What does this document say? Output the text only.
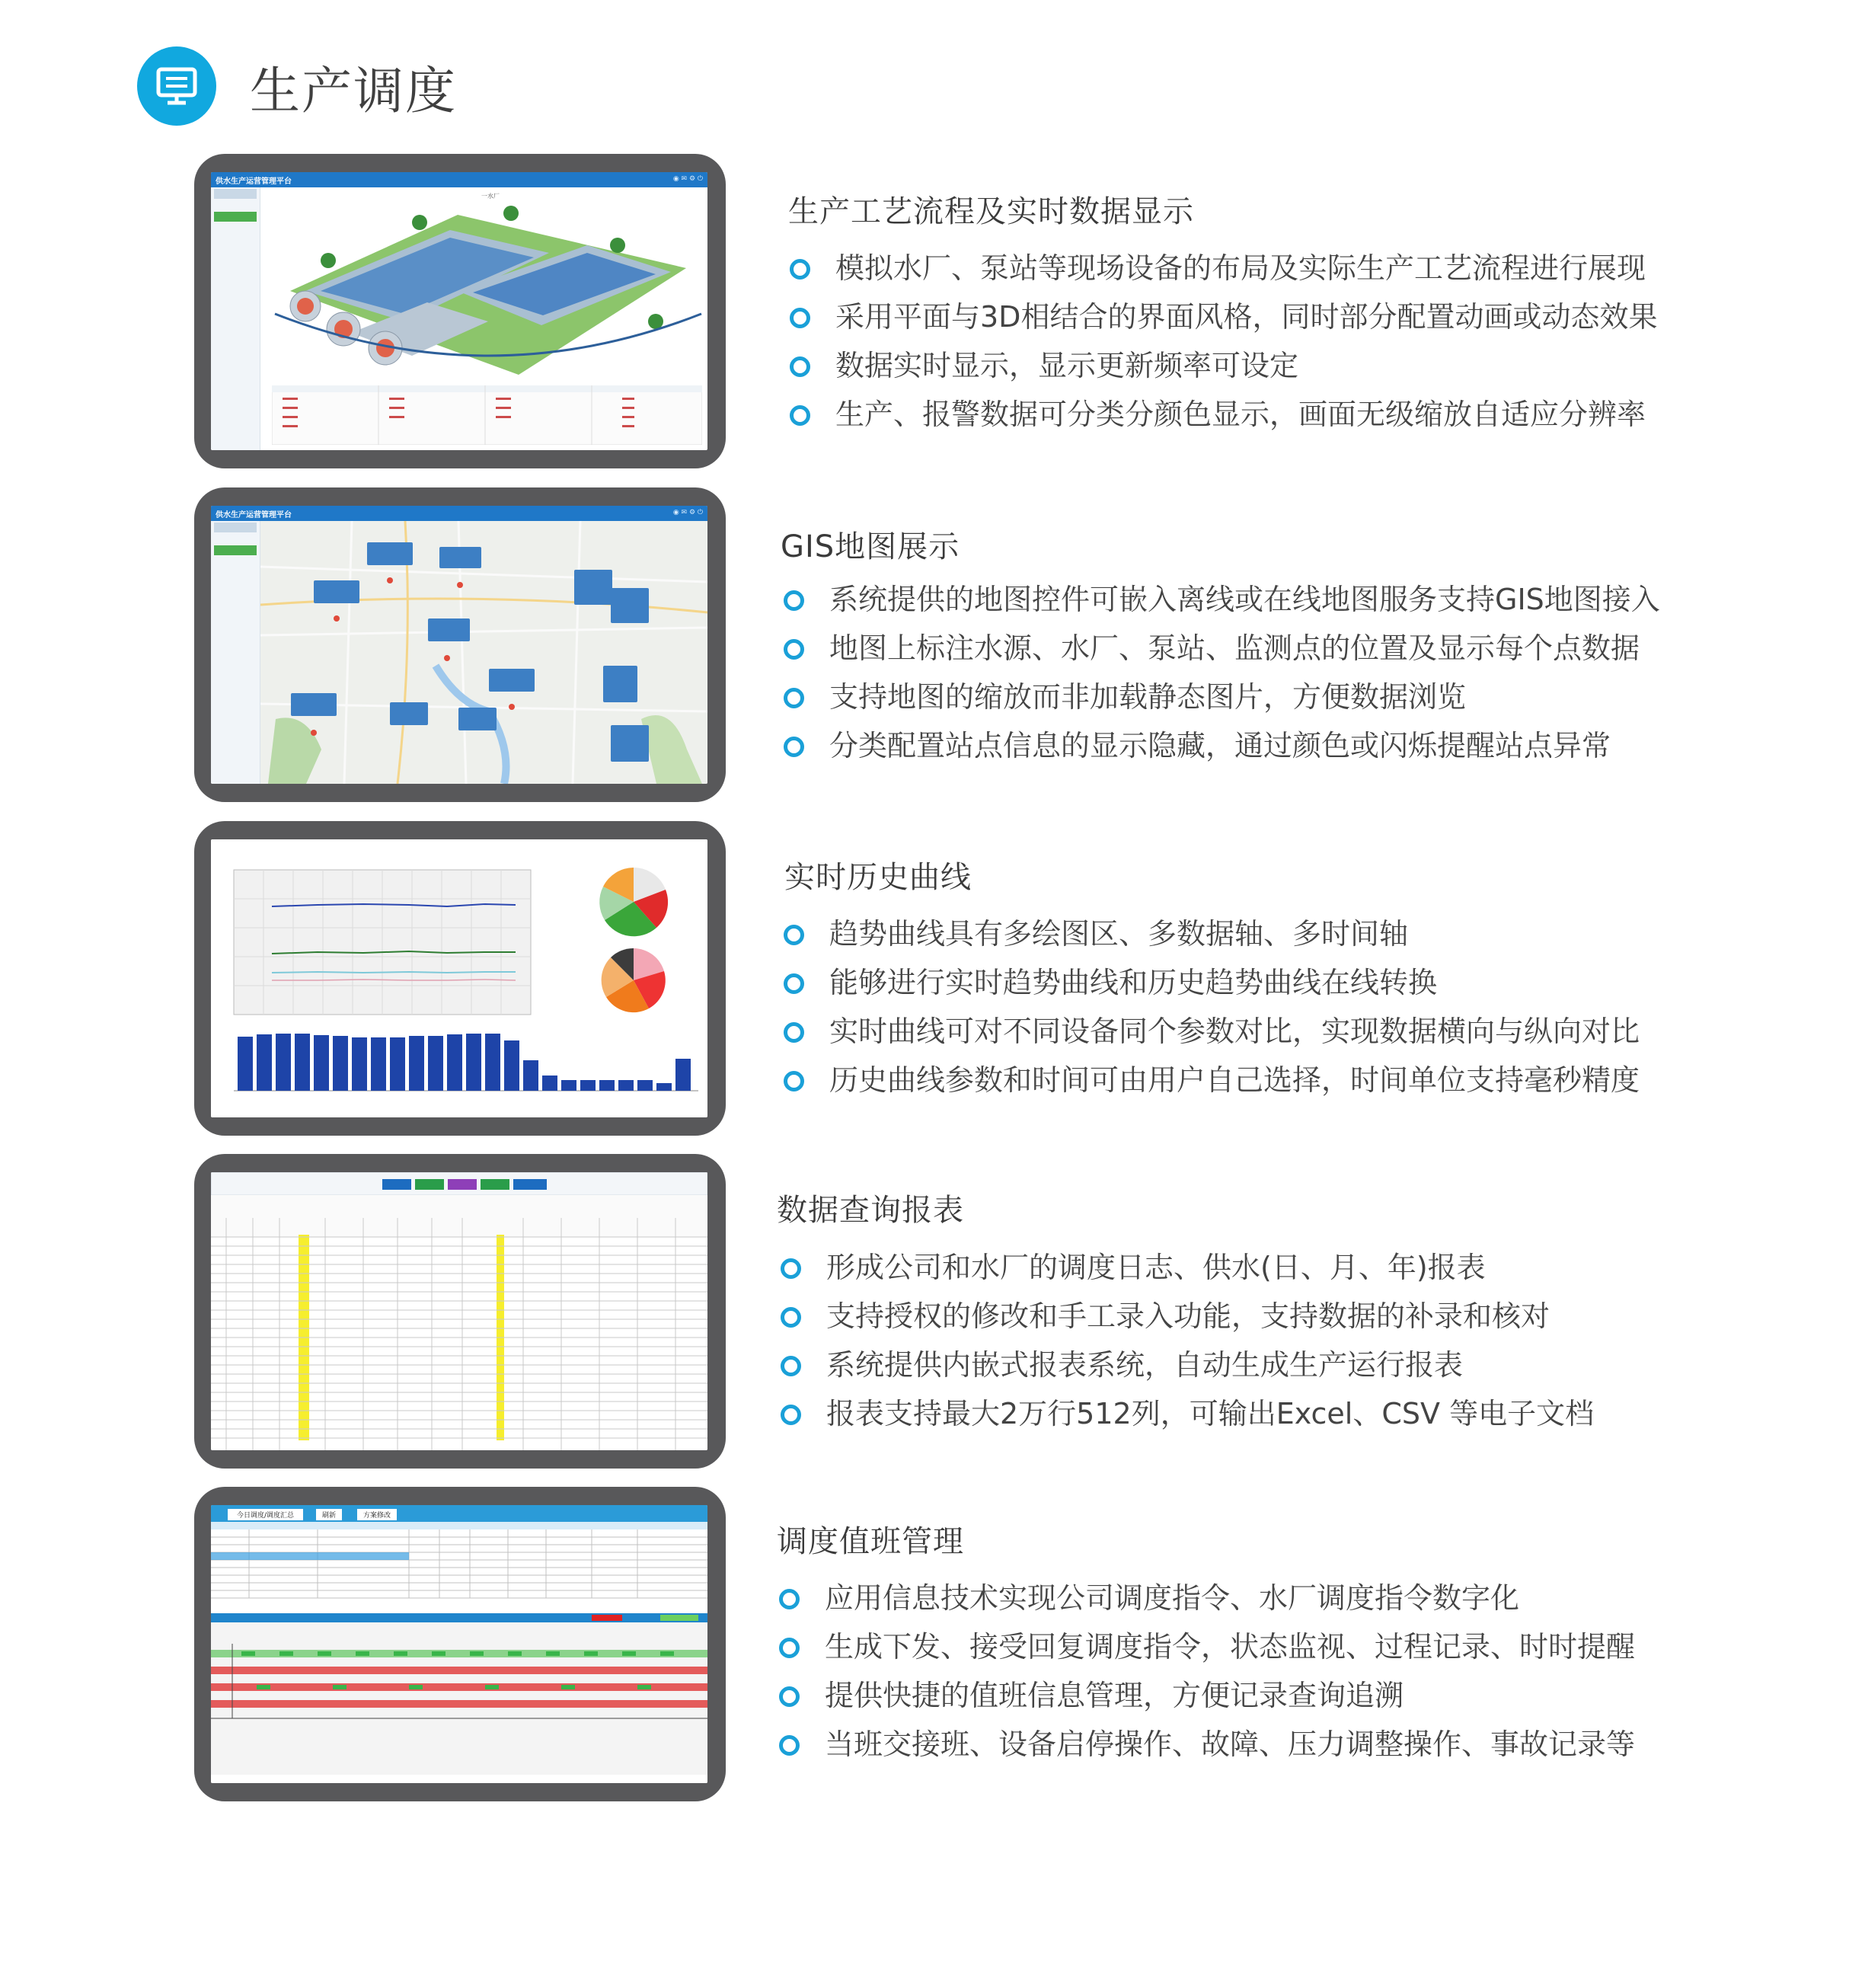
生产调度
供水生产运营管理平台	◉ ✉ ⚙ ⏻
一水厂	生产工艺流程及实时数据显示
模拟水厂、泵站等现场设备的布局及实际生产工艺流程进行展现
采用平面与3D相结合的界面风格，同时部分配置动画或动态效果
数据实时显示，显示更新频率可设定
生产、报警数据可分类分颜色显示，画面无级缩放自适应分辨率
供水生产运营管理平台	◉ ✉ ⚙ ⏻
GIS地图展示
系统提供的地图控件可嵌入离线或在线地图服务支持GIS地图接入
地图上标注水源、水厂、泵站、监测点的位置及显示每个点数据
支持地图的缩放而非加载静态图片，方便数据浏览
分类配置站点信息的显示隐藏，通过颜色或闪烁提醒站点异常
实时历史曲线
趋势曲线具有多绘图区、多数据轴、多时间轴
能够进行实时趋势曲线和历史趋势曲线在线转换
实时曲线可对不同设备同个参数对比，实现数据横向与纵向对比
历史曲线参数和时间可由用户自己选择，时间单位支持毫秒精度
数据查询报表
形成公司和水厂的调度日志、供水(日、月、年)报表
支持授权的修改和手工录入功能，支持数据的补录和核对
系统提供内嵌式报表系统，自动生成生产运行报表
报表支持最大2万行512列，可输出Excel、CSV 等电子文档
今日调度/调度汇总	刷新	方案修改
调度值班管理
应用信息技术实现公司调度指令、水厂调度指令数字化
生成下发、接受回复调度指令，状态监视、过程记录、时时提醒
提供快捷的值班信息管理，方便记录查询追溯
当班交接班、设备启停操作、故障、压力调整操作、事故记录等
